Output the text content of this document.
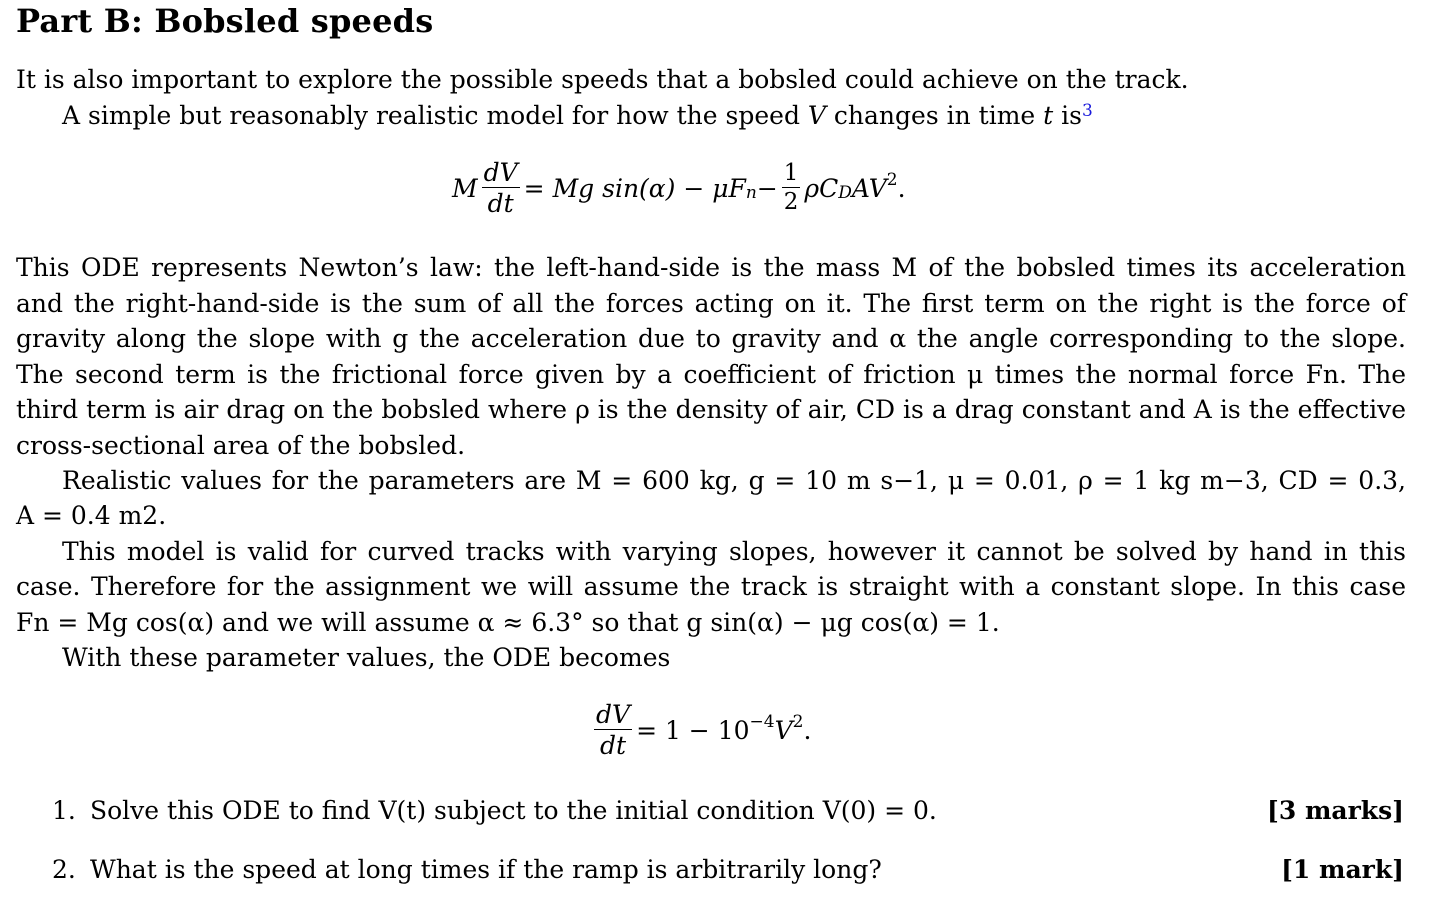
Part B: Bobsled speeds
It is also important to explore the possible speeds that a bobsled could achieve on the track.
A simple but reasonably realistic model for how the speed V changes in time t is$^3$
M $\frac{dV}{dt} = Mg$ $\sin(\alpha) - \mu F_n - \frac{1}{2} \rho C_D$ $AV^2$ .
This ODE represents Newton’s law: the left-hand-side is the mass M of the bobsled times its acceleration
and the right-hand-side is the sum of all the forces acting on it. The first term on the right is the force of
gravity along the slope with g the acceleration due to gravity and α the angle corresponding to the slope.
The second term is the frictional force given by a coefficient of friction μ times the normal force Fn. The
third term is air drag on the bobsled where ρ is the density of air, CD is a drag constant and A is the effective
cross-sectional area of the bobsled.
Realistic values for the parameters are M = 600 kg, g = 10 m s−1, μ = 0.01, ρ = 1 kg m−3, CD = 0.3,
A = 0.4 m2.
This model is valid for curved tracks with varying slopes, however it cannot be solved by hand in this
case. Therefore for the assignment we will assume the track is straight with a constant slope. In this case
Fn = Mg cos(α) and we will assume α ≈ 6.3° so that g sin(α) − μg cos(α) = 1.
With these parameter values, the ODE becomes
$\frac{dV}{dt} = 1 - 10^{-4}$ $V^2$ .
1. Solve this ODE to find V(t) subject to the initial condition V(0) = 0.	[3 marks]
2. What is the speed at long times if the ramp is arbitrarily long?	[1 mark]
